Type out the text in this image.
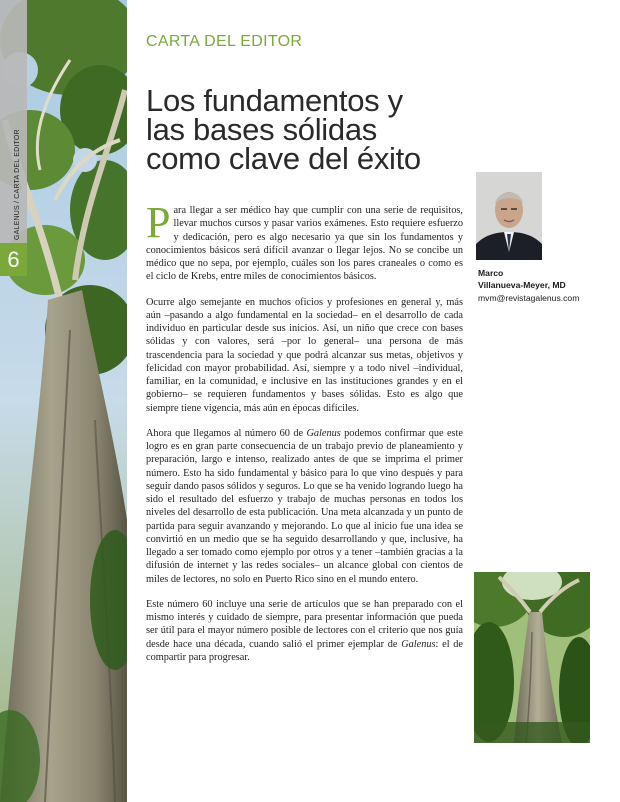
6
GALENUS / CARTA DEL EDITOR
CARTA DEL EDITOR
Los fundamentos y
las bases sólidas
como clave del éxito
Marco
Villanueva-Meyer, MD
mvm@revistagalenus.com

Para llegar a ser médico hay que cumplir con una serie de requisitos, llevar muchos cursos y pasar varios exámenes. Esto requiere esfuerzo y dedicación, pero es algo necesario ya que sin los fundamentos y conocimientos básicos será difícil avanzar o llegar lejos. No se concibe un médico que no sepa, por ejemplo, cuáles son los pares craneales o como es el ciclo de Krebs, entre miles de conocimientos básicos.

Ocurre algo semejante en muchos oficios y profesiones en general y, más aún –pasando a algo fundamental en la sociedad– en el desarrollo de cada individuo en particular desde sus inicios. Así, un niño que crece con bases sólidas y con valores, será –por lo general– una persona de más trascendencia para la sociedad y que podrá alcanzar sus metas, objetivos y felicidad con mayor probabilidad. Así, siempre y a todo nivel –individual, familiar, en la comunidad, e inclusive en las instituciones grandes y en el gobierno– se requieren fundamentos y bases sólidas. Esto es algo que siempre tiene vigencia, más aún en épocas difíciles.

Ahora que llegamos al número 60 de Galenus podemos confirmar que este logro es en gran parte consecuencia de un trabajo previo de planeamiento y preparación, largo e intenso, realizado antes de que se imprima el primer número. Esto ha sido fundamental y básico para lo que vino después y para seguir dando pasos sólidos y seguros. Lo que se ha venido logrando luego ha sido el resultado del esfuerzo y trabajo de muchas personas en todos los niveles del desarrollo de esta publicación. Una meta alcanzada y un punto de partida para seguir avanzando y mejorando. Lo que al inicio fue una idea se convirtió en un medio que se ha seguido desarrollando y que, inclusive, ha llegado a ser tomado como ejemplo por otros y a tener –también gracias a la difusión de internet y las redes sociales– un alcance global con cientos de miles de lectores, no solo en Puerto Rico sino en el mundo entero.

Este número 60 incluye una serie de artículos que se han preparado con el mismo interés y cuidado de siempre, para presentar información que pueda ser útil para el mayor número posible de lectores con el criterio que nos guía desde hace una década, cuando salió el primer ejemplar de Galenus: el de compartir para progresar.
